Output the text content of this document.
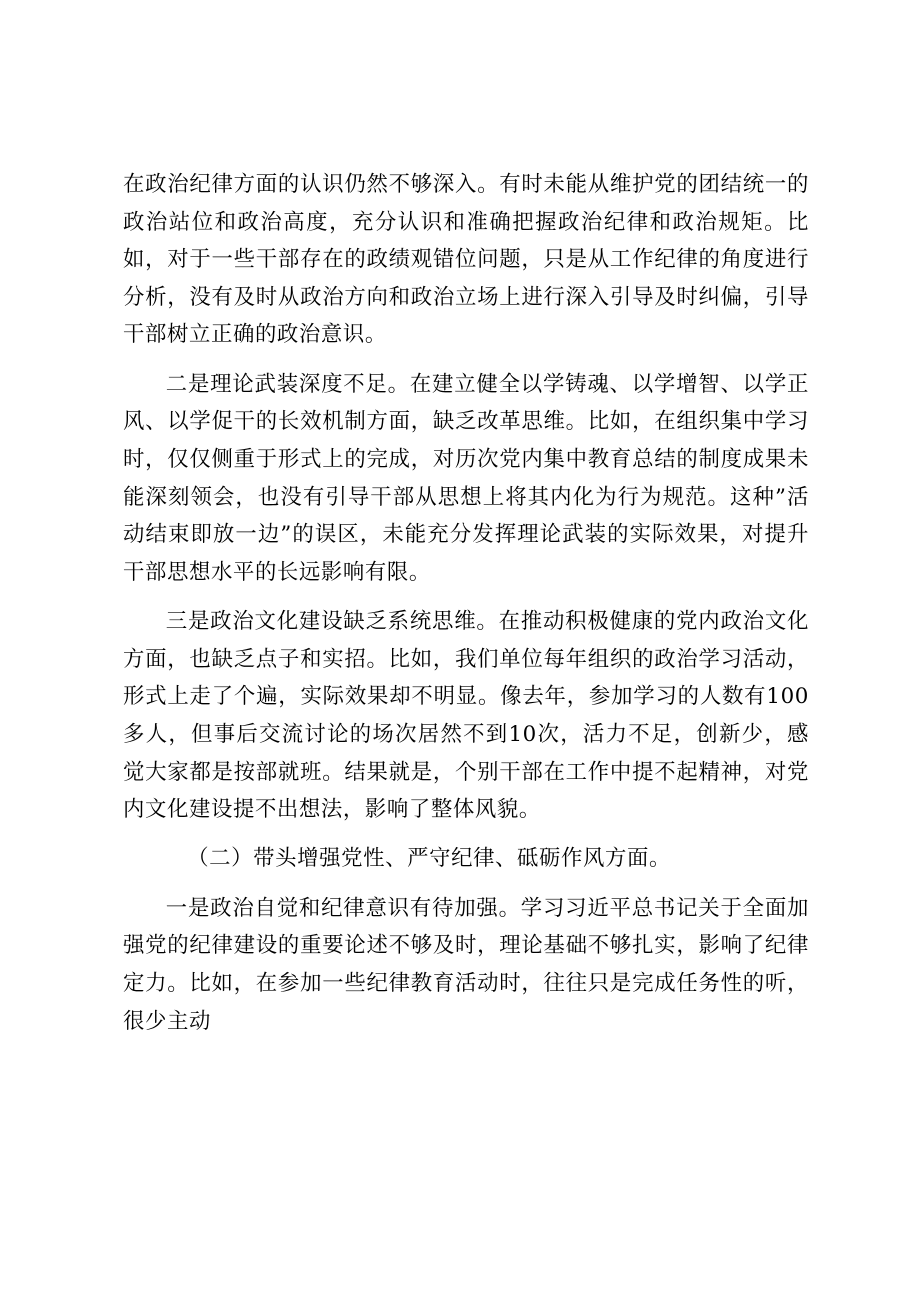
在政治纪律方面的认识仍然不够深入。有时未能从维护党的团结统一的政治站位和政治高度，充分认识和准确把握政治纪律和政治规矩。比如，对于一些干部存在的政绩观错位问题，只是从工作纪律的角度进行分析，没有及时从政治方向和政治立场上进行深入引导及时纠偏，引导干部树立正确的政治意识。

二是理论武装深度不足。在建立健全以学铸魂、以学增智、以学正风、以学促干的长效机制方面，缺乏改革思维。比如，在组织集中学习时，仅仅侧重于形式上的完成，对历次党内集中教育总结的制度成果未能深刻领会，也没有引导干部从思想上将其内化为行为规范。这种”活动结束即放一边”的误区，未能充分发挥理论武装的实际效果，对提升干部思想水平的长远影响有限。

三是政治文化建设缺乏系统思维。在推动积极健康的党内政治文化方面，也缺乏点子和实招。比如，我们单位每年组织的政治学习活动，形式上走了个遍，实际效果却不明显。像去年，参加学习的人数有100多人，但事后交流讨论的场次居然不到10次，活力不足，创新少，感觉大家都是按部就班。结果就是，个别干部在工作中提不起精神，对党内文化建设提不出想法，影响了整体风貌。

（二）带头增强党性、严守纪律、砥砺作风方面。

一是政治自觉和纪律意识有待加强。学习习近平总书记关于全面加强党的纪律建设的重要论述不够及时，理论基础不够扎实，影响了纪律定力。比如，在参加一些纪律教育活动时，往往只是完成任务性的听，很少主动
